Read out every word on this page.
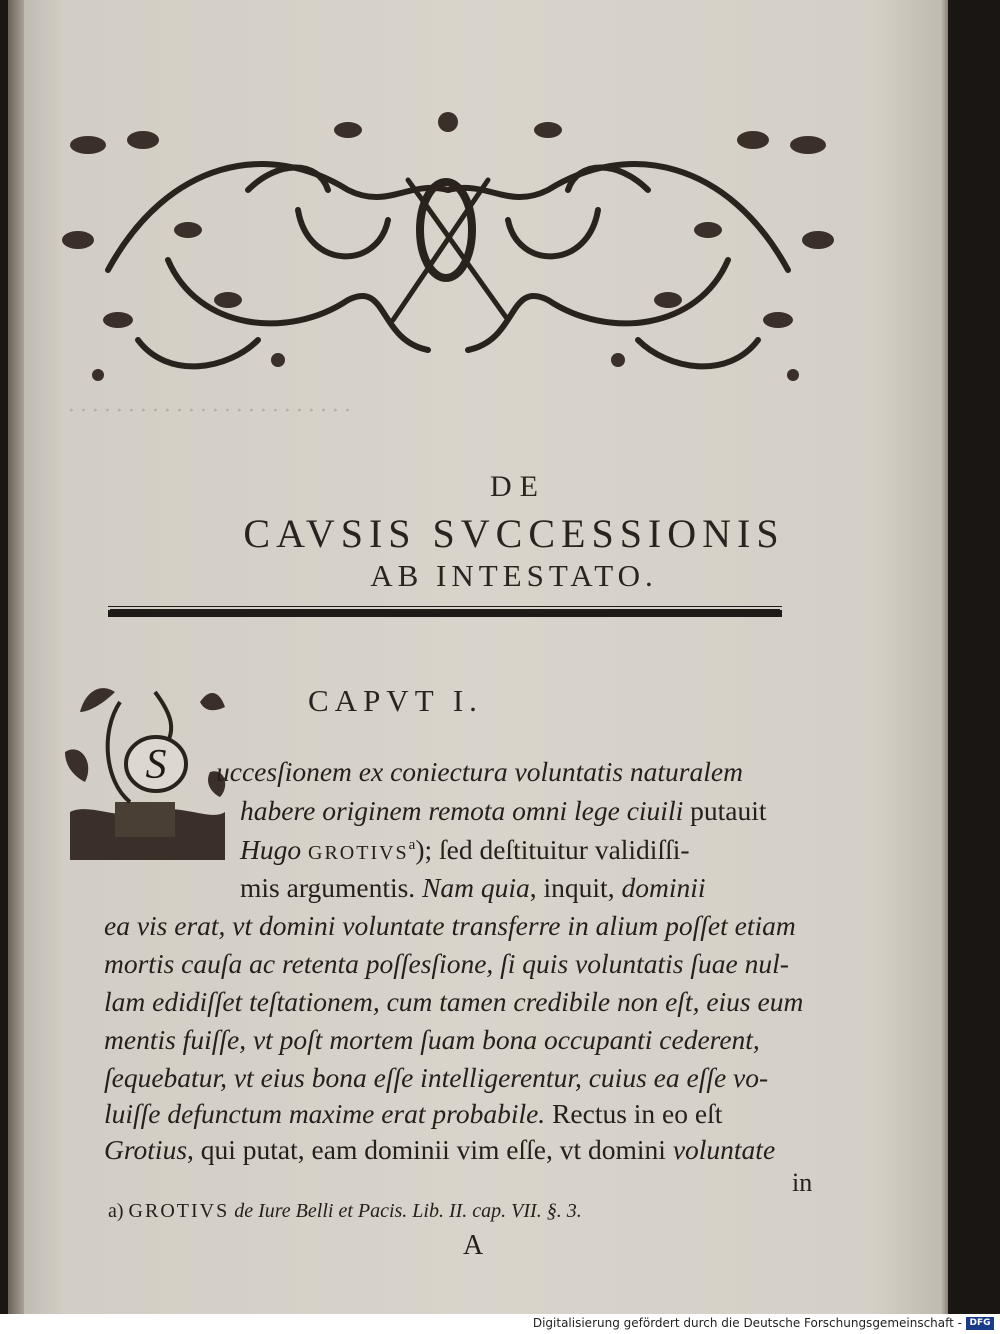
· · · · · · · · · · · · · · · · · · · · · · · ·
DE
CAVSIS SVCCESSIONIS
AB INTESTATO.
CAPVT I.
S	uccesſionem ex coniectura voluntatis naturalem
habere originem remota omni lege ciuili putauit
Hugo GROTIVS$^a$); ſed deſtituitur validiſſi-
mis argumentis. Nam quia, inquit, dominii
ea vis erat, vt domini voluntate transferre in alium poſſet etiam
mortis cauſa ac retenta poſſesſione, ſi quis voluntatis ſuae nul-
lam edidiſſet teſtationem, cum tamen credibile non eſt, eius eum
mentis fuiſſe, vt poſt mortem ſuam bona occupanti cederent,
ſequebatur, vt eius bona eſſe intelligerentur, cuius ea eſſe vo-
luiſſe defunctum maxime erat probabile. Rectus in eo eſt
Grotius, qui putat, eam dominii vim eſſe, vt domini voluntate
in
a) GROTIVS de Iure Belli et Pacis. Lib. II. cap. VII. §. 3.
A
Digitalisierung gefördert durch die Deutsche Forschungsgemeinschaft - DFG
